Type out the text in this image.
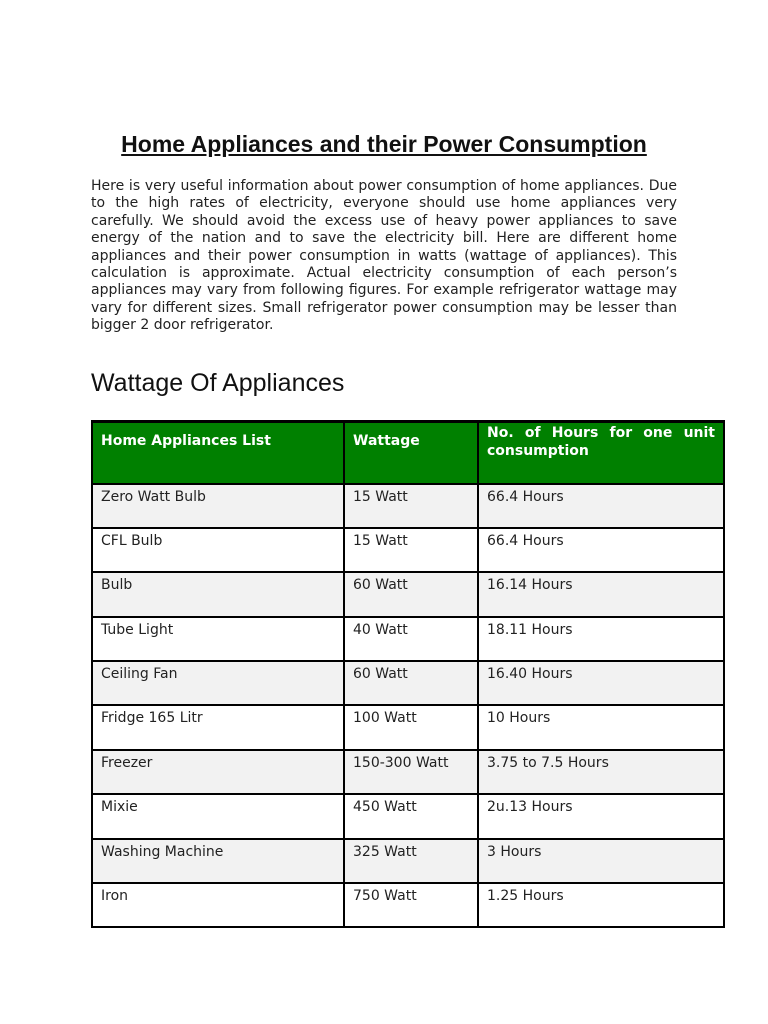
Home Appliances and their Power Consumption

Here is very useful information about power consumption of home appliances. Due to the high rates of electricity, everyone should use home appliances very carefully. We should avoid the excess use of heavy power appliances to save energy of the nation and to save the electricity bill. Here are different home appliances and their power consumption in watts (wattage of appliances). This calculation is approximate. Actual electricity consumption of each person’s appliances may vary from following figures. For example refrigerator wattage may vary for different sizes. Small refrigerator power consumption may be lesser than bigger 2 door refrigerator.

Wattage Of Appliances
Home Appliances List	Wattage	No. of Hours for one unit consumption
Zero Watt Bulb	15 Watt	66.4 Hours
CFL Bulb	15 Watt	66.4 Hours
Bulb	60 Watt	16.14 Hours
Tube Light	40 Watt	18.11 Hours
Ceiling Fan	60 Watt	16.40 Hours
Fridge 165 Litr	100 Watt	10 Hours
Freezer	150-300 Watt	3.75 to 7.5 Hours
Mixie	450 Watt	2u.13 Hours
Washing Machine	325 Watt	3 Hours
Iron	750 Watt	1.25 Hours
